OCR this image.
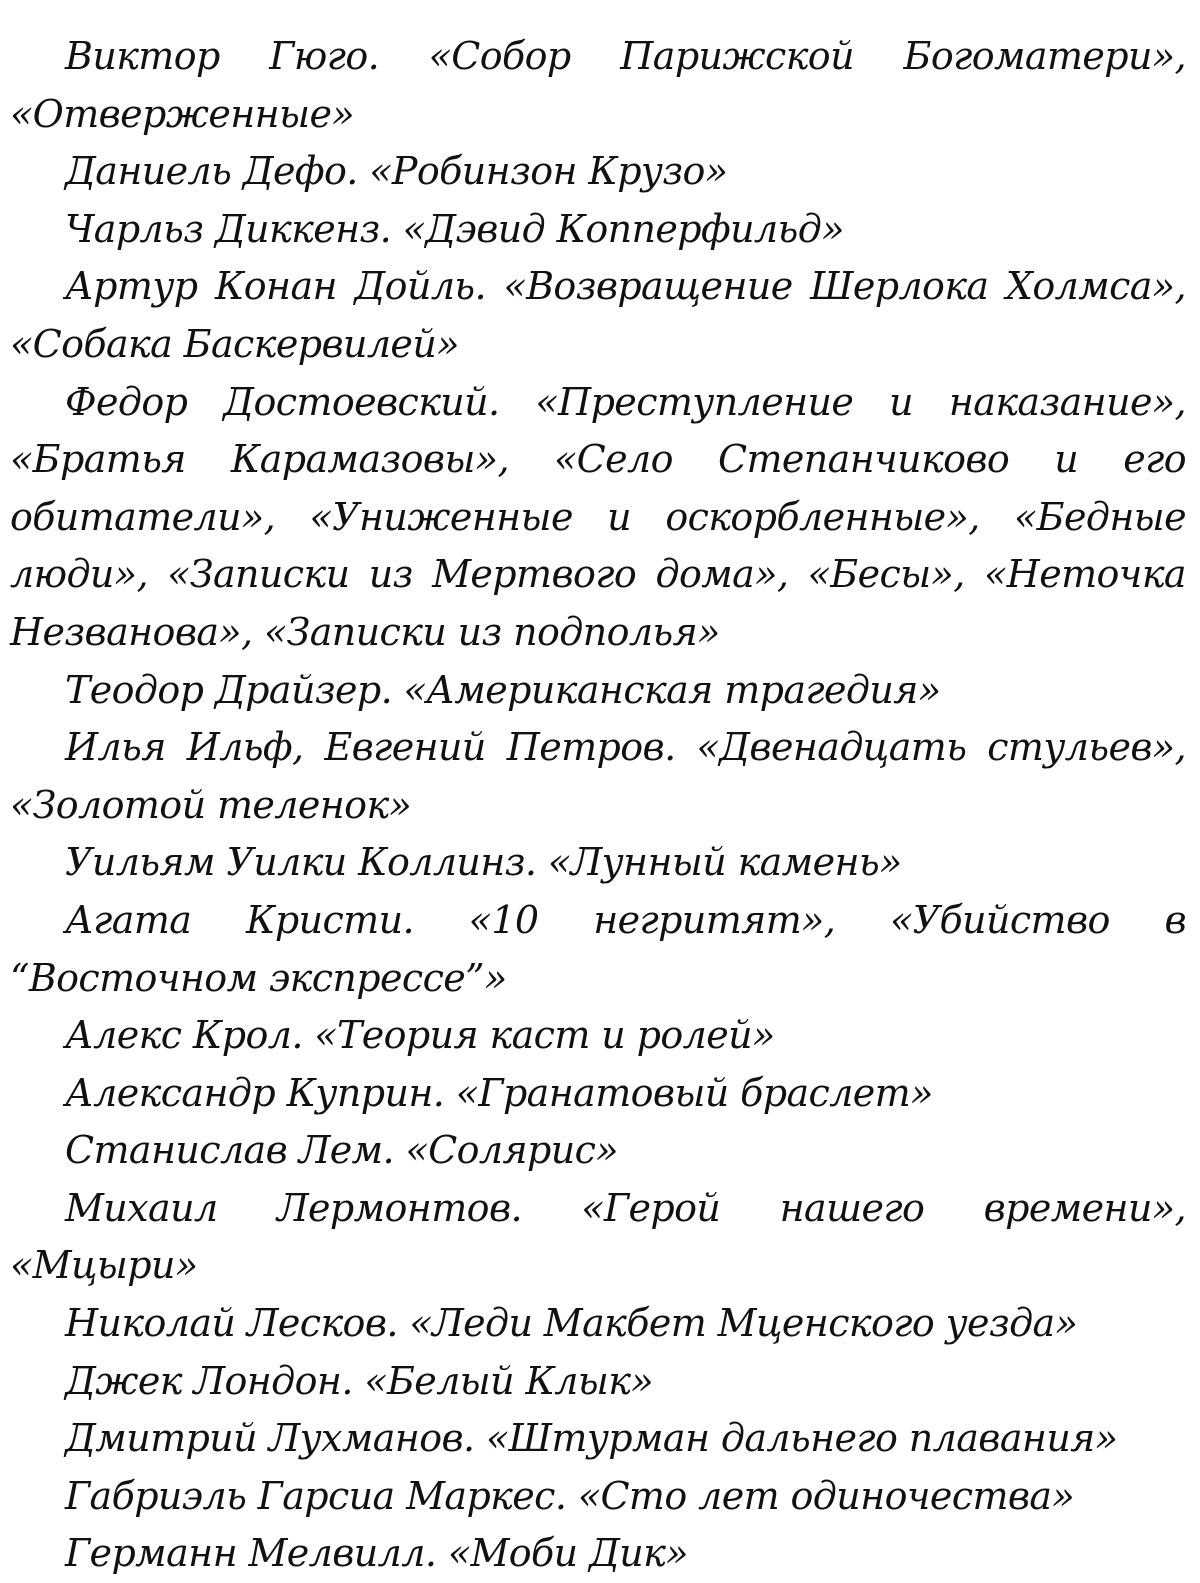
Виктор Гюго. «Собор Парижской Богоматери», «Отверженные»

Даниель Дефо. «Робинзон Крузо»

Чарльз Диккенз. «Дэвид Копперфильд»

Артур Конан Дойль. «Возвращение Шерлока Холмса», «Собака Баскервилей»

Федор Достоевский. «Преступление и наказание», «Братья Карамазовы», «Село Степанчиково и его обитатели», «Униженные и оскорбленные», «Бедные люди», «Записки из Мертвого дома», «Бесы», «Неточка Незванова», «Записки из подполья»

Теодор Драйзер. «Американская трагедия»

Илья Ильф, Евгений Петров. «Двенадцать стульев», «Золотой теленок»

Уильям Уилки Коллинз. «Лунный камень»

Агата Кристи. «10 негритят», «Убийство в “Восточном экспрессе”»

Алекс Крол. «Теория каст и ролей»

Александр Куприн. «Гранатовый браслет»

Станислав Лем. «Солярис»

Михаил Лермонтов. «Герой нашего времени», «Мцыри»

Николай Лесков. «Леди Макбет Мценского уезда»

Джек Лондон. «Белый Клык»

Дмитрий Лухманов. «Штурман дальнего плавания»

Габриэль Гарсиа Маркес. «Сто лет одиночества»

Германн Мелвилл. «Моби Дик»
